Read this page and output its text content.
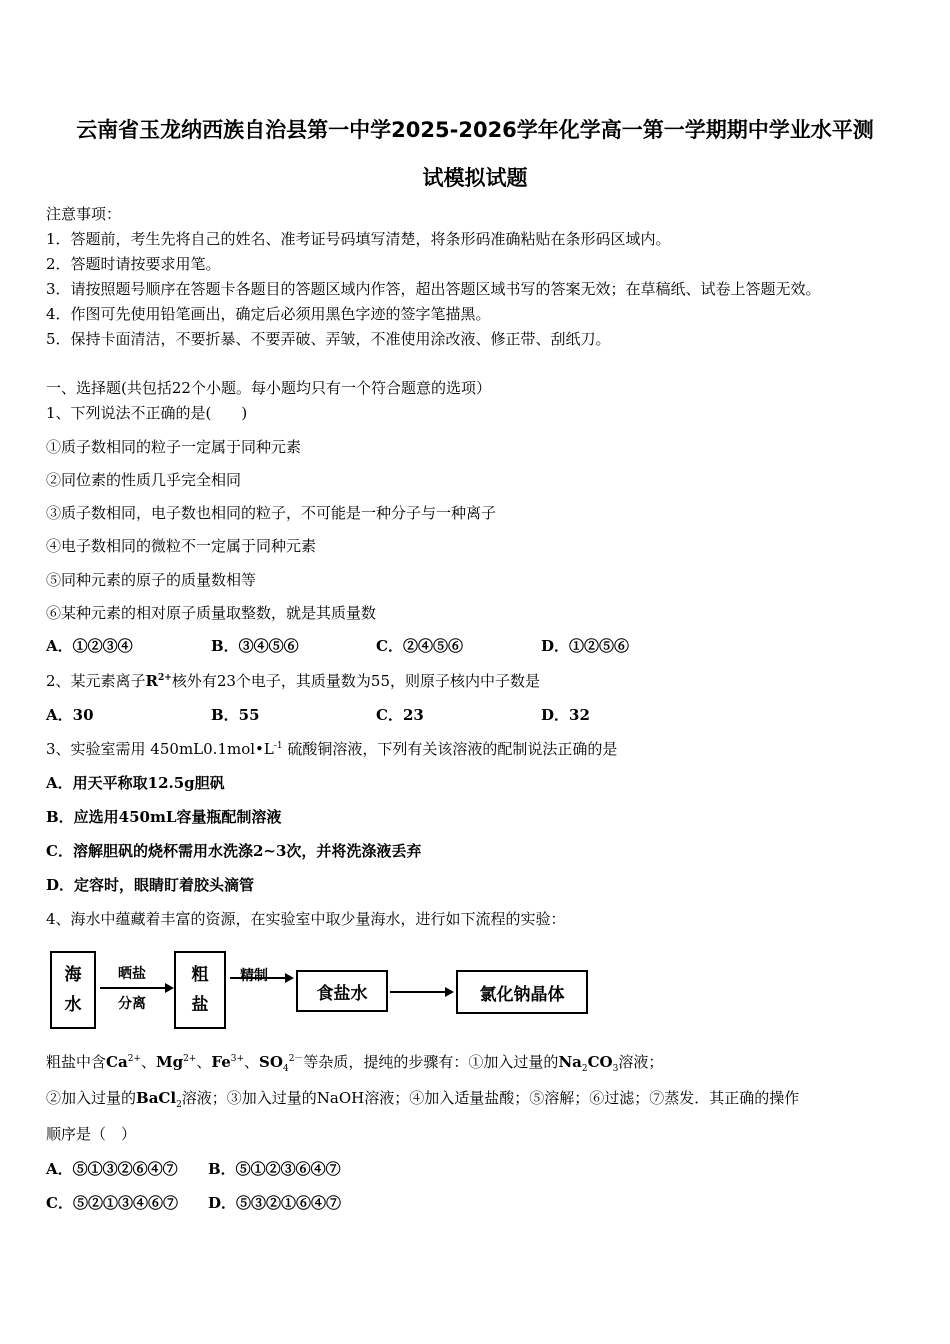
云南省玉龙纳西族自治县第一中学2025-2026学年化学高一第一学期期中学业水平测
试模拟试题
注意事项：
1．答题前，考生先将自己的姓名、准考证号码填写清楚，将条形码准确粘贴在条形码区域内。
2．答题时请按要求用笔。
3．请按照题号顺序在答题卡各题目的答题区域内作答，超出答题区域书写的答案无效；在草稿纸、试卷上答题无效。
4．作图可先使用铅笔画出，确定后必须用黑色字迹的签字笔描黑。
5．保持卡面清洁，不要折暴、不要弄破、弄皱，不准使用涂改液、修正带、刮纸刀。
一、选择题(共包括22个小题。每小题均只有一个符合题意的选项）
1、下列说法不正确的是(　　)
①质子数相同的粒子一定属于同种元素
②同位素的性质几乎完全相同
③质子数相同，电子数也相同的粒子，不可能是一种分子与一种离子
④电子数相同的微粒不一定属于同种元素
⑤同种元素的原子的质量数相等
⑥某种元素的相对原子质量取整数，就是其质量数
A．①②③④	B．③④⑤⑥	C．②④⑤⑥	D．①②⑤⑥
2、某元素离子$R^{2+}$核外有23个电子，其质量数为55，则原子核内中子数是
A．30	B．55	C．23	D．32
3、实验室需用 $450mL0.1mol•L^{-1}$ 硫酸铜溶液，下列有关该溶液的配制说法正确的是
A．用天平称取12.5g胆矾
B．应选用450mL容量瓶配制溶液
C．溶解胆矾的烧杯需用水洗涤2~3次，并将洗涤液丢弃
D．定容时，眼睛盯着胶头滴管
4、海水中蕴藏着丰富的资源，在实验室中取少量海水，进行如下流程的实验：
海
水
晒盐
分离
粗
盐
精制
食盐水	氯化钠晶体
粗盐中含$Ca^{2+}$、$Mg^{2+}$、$Fe^{3+}$、$SO_4^{2-}$等杂质，提纯的步骤有：①加入过量的$Na_2CO_3$溶液；
②加入过量的BaCl$_2$溶液；③加入过量的NaOH溶液；④加入适量盐酸；⑤溶解；⑥过滤；⑦蒸发．其正确的操作
顺序是（　）
A．⑤①③②⑥④⑦ B．⑤①②③⑥④⑦
C．⑤②①③④⑥⑦ D．⑤③②①⑥④⑦
